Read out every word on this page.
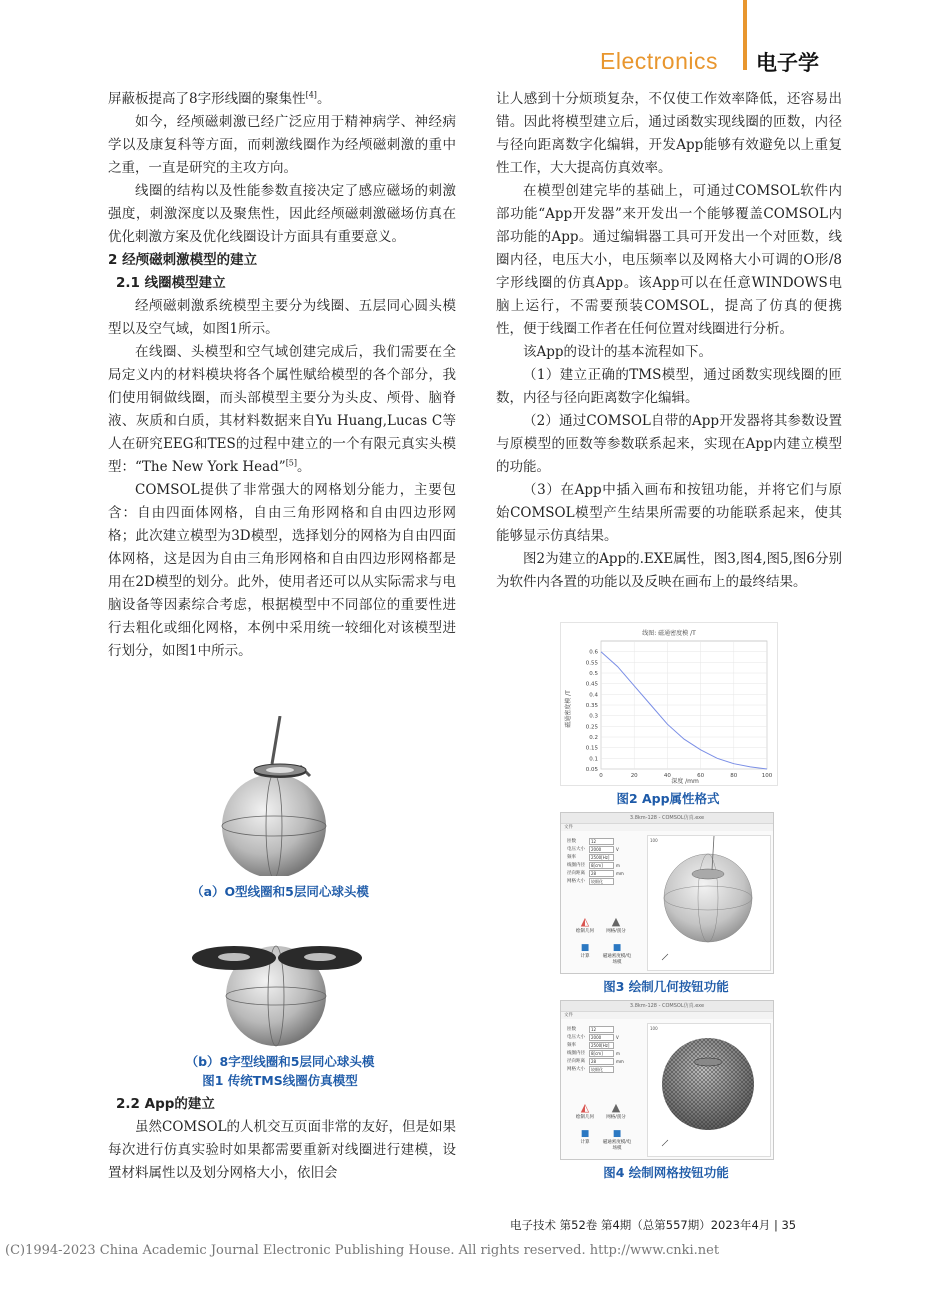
Electronics 电子学

屏蔽板提高了8字形线圈的聚集性[4]。

如今，经颅磁刺激已经广泛应用于精神病学、神经病学以及康复科等方面，而刺激线圈作为经颅磁刺激的重中之重，一直是研究的主攻方向。

线圈的结构以及性能参数直接决定了感应磁场的刺激强度，刺激深度以及聚焦性，因此经颅磁刺激磁场仿真在优化刺激方案及优化线圈设计方面具有重要意义。

2 经颅磁刺激模型的建立

2.1 线圈模型建立

经颅磁刺激系统模型主要分为线圈、五层同心圆头模型以及空气域，如图1所示。

在线圈、头模型和空气域创建完成后，我们需要在全局定义内的材料模块将各个属性赋给模型的各个部分，我们使用铜做线圈，而头部模型主要分为头皮、颅骨、脑脊液、灰质和白质，其材料数据来自Yu Huang,Lucas C等人在研究EEG和TES的过程中建立的一个有限元真实头模型：“The New York Head”[5]。

COMSOL提供了非常强大的网格划分能力，主要包含：自由四面体网格，自由三角形网格和自由四边形网格；此次建立模型为3D模型，选择划分的网格为自由四面体网格，这是因为自由三角形网格和自由四边形网格都是用在2D模型的划分。此外，使用者还可以从实际需求与电脑设备等因素综合考虑，根据模型中不同部位的重要性进行去粗化或细化网格，本例中采用统一较细化对该模型进行划分，如图1中所示。

（a）O型线圈和5层同心球头模
（b）8字型线圈和5层同心球头模
图1 传统TMS线圈仿真模型

2.2 App的建立

虽然COMSOL的人机交互页面非常的友好，但是如果每次进行仿真实验时如果都需要重新对线圈进行建模，设置材料属性以及划分网格大小，依旧会

让人感到十分烦琐复杂，不仅使工作效率降低，还容易出错。因此将模型建立后，通过函数实现线圈的匝数，内径与径向距离数字化编辑，开发App能够有效避免以上重复性工作，大大提高仿真效率。

在模型创建完毕的基础上，可通过COMSOL软件内部功能“App开发器”来开发出一个能够覆盖COMSOL内部功能的App。通过编辑器工具可开发出一个对匝数，线圈内径，电压大小，电压频率以及网格大小可调的O形/8字形线圈的仿真App。该App可以在任意WINDOWS电脑上运行，不需要预装COMSOL，提高了仿真的便携性，便于线圈工作者在任何位置对线圈进行分析。

该App的设计的基本流程如下。

（1）建立正确的TMS模型，通过函数实现线圈的匝数，内径与径向距离数字化编辑。

（2）通过COMSOL自带的App开发器将其参数设置与原模型的匝数等参数联系起来，实现在App内建立模型的功能。

（3）在App中插入画布和按钮功能，并将它们与原始COMSOL模型产生结果所需要的功能联系起来，使其能够显示仿真结果。

图2为建立的App的.EXE属性，图3,图4,图5,图6分别为软件内各置的功能以及反映在画布上的最终结果。

线图: 磁通密度模 /T
深度 /mm
磁通密度模 /T
0.05
0.1
0.15
0.2
0.25
0.3
0.35
0.4
0.45
0.5
0.55
0.6
0	20	40	60	80	100
图2 App属性格式
3.8km-128 - COMSOL仿真.exe
文件
匝数	12
电压大小	2000	V
频率	2500[Hz]
线圈内径	8[cm]	m
径向距离	28	mm
网格大小	较细化
◭
绘制几何
▲
网格/剖分
■
计算
■
磁通密度模/电场模
100
图3 绘制几何按钮功能
3.8km-128 - COMSOL仿真.exe
文件
匝数	12
电压大小	2000	V
频率	2500[Hz]
线圈内径	8[cm]	m
径向距离	28	mm
网格大小	较细化
◭
绘制几何
▲
网格/剖分
■
计算
■
磁通密度模/电场模
100
图4 绘制网格按钮功能
电子技术 第52卷 第4期（总第557期）2023年4月 | 35
(C)1994-2023 China Academic Journal Electronic Publishing House. All rights reserved. http://www.cnki.net
